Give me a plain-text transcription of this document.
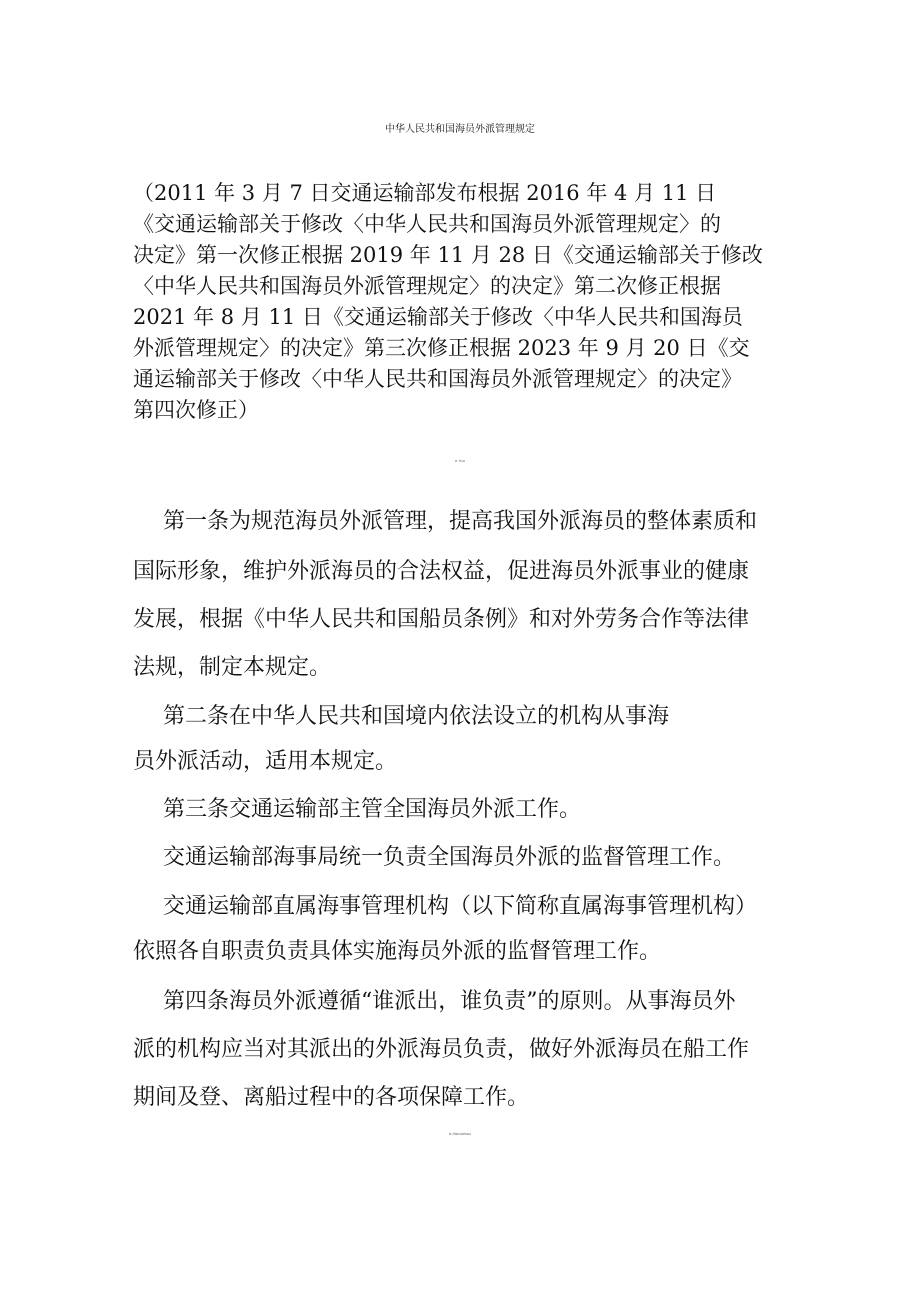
中华人民共和国海员外派管理规定
（2011 年 3 月 7 日交通运输部发布根据 2016 年 4 月 11 日
《交通运输部关于修改〈中华人民共和国海员外派管理规定〉的
决定》第一次修正根据 2019 年 11 月 28 日《交通运输部关于修改
〈中华人民共和国海员外派管理规定〉的决定》第二次修正根据
2021 年 8 月 11 日《交通运输部关于修改〈中华人民共和国海员
外派管理规定〉的决定》第三次修正根据 2023 年 9 月 20 日《交
通运输部关于修改〈中华人民共和国海员外派管理规定〉的决定》
第四次修正）
第一章总则
第一条为规范海员外派管理，提高我国外派海员的整体素质和
国际形象，维护外派海员的合法权益，促进海员外派事业的健康
发展，根据《中华人民共和国船员条例》和对外劳务合作等法律
法规，制定本规定。
第二条在中华人民共和国境内依法设立的机构从事海
员外派活动，适用本规定。
第三条交通运输部主管全国海员外派工作。
交通运输部海事局统一负责全国海员外派的监督管理工作。
交通运输部直属海事管理机构（以下简称直属海事管理机构）
依照各自职责负责具体实施海员外派的监督管理工作。
第四条海员外派遵循“谁派出，谁负责”的原则。从事海员外
派的机构应当对其派出的外派海员负责，做好外派海员在船工作
期间及登、离船过程中的各项保障工作。
第二章海员外派机构资质
